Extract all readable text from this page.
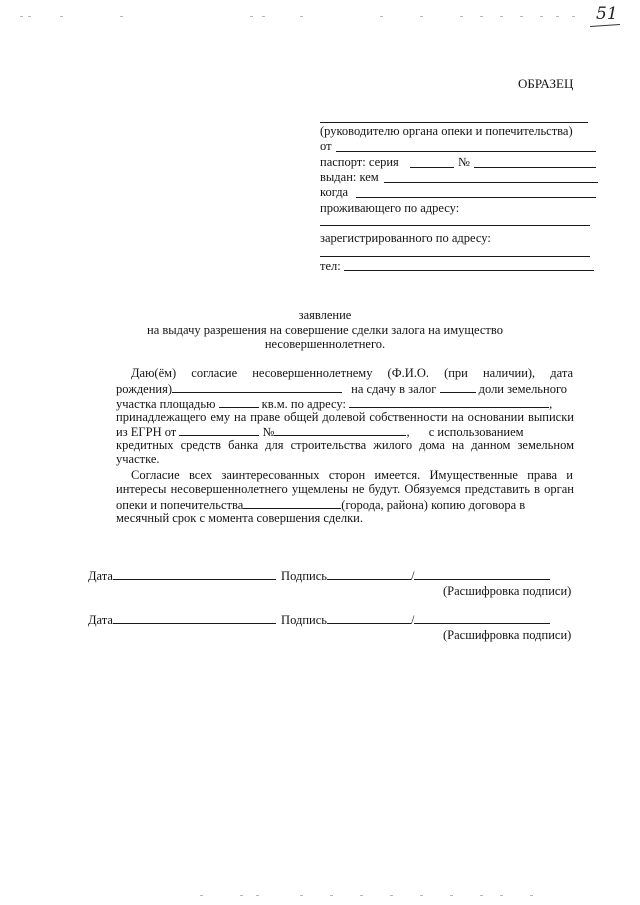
51
ОБРАЗЕЦ
(руководителю органа опеки и попечительства)
от
паспорт: серия	№
выдан: кем
когда
проживающего по адресу:
зарегистрированного по адресу:
тел:
заявление
на выдачу разрешения на совершение сделки залога на имущество
несовершеннолетнего.
Даю(ём) согласие несовершеннолетнему (Ф.И.О. (при наличии), дата
рождения)	на сдачу в залог	доли земельного
участка площадью	кв.м. по адресу:	,
принадлежащего ему на праве общей долевой собственности на основании выписки
из ЕГРН от	№	, с использованием
кредитных средств банка для строительства жилого дома на данном земельном
участке.
Согласие всех заинтересованных сторон имеется. Имущественные права и
интересы несовершеннолетнего ущемлены не будут. Обязуемся представить в орган
опеки и попечительства	(города, района) копию договора в
месячный срок с момента совершения сделки.
Дата	Подпись	/
(Расшифровка подписи)
Дата	Подпись	/
(Расшифровка подписи)
